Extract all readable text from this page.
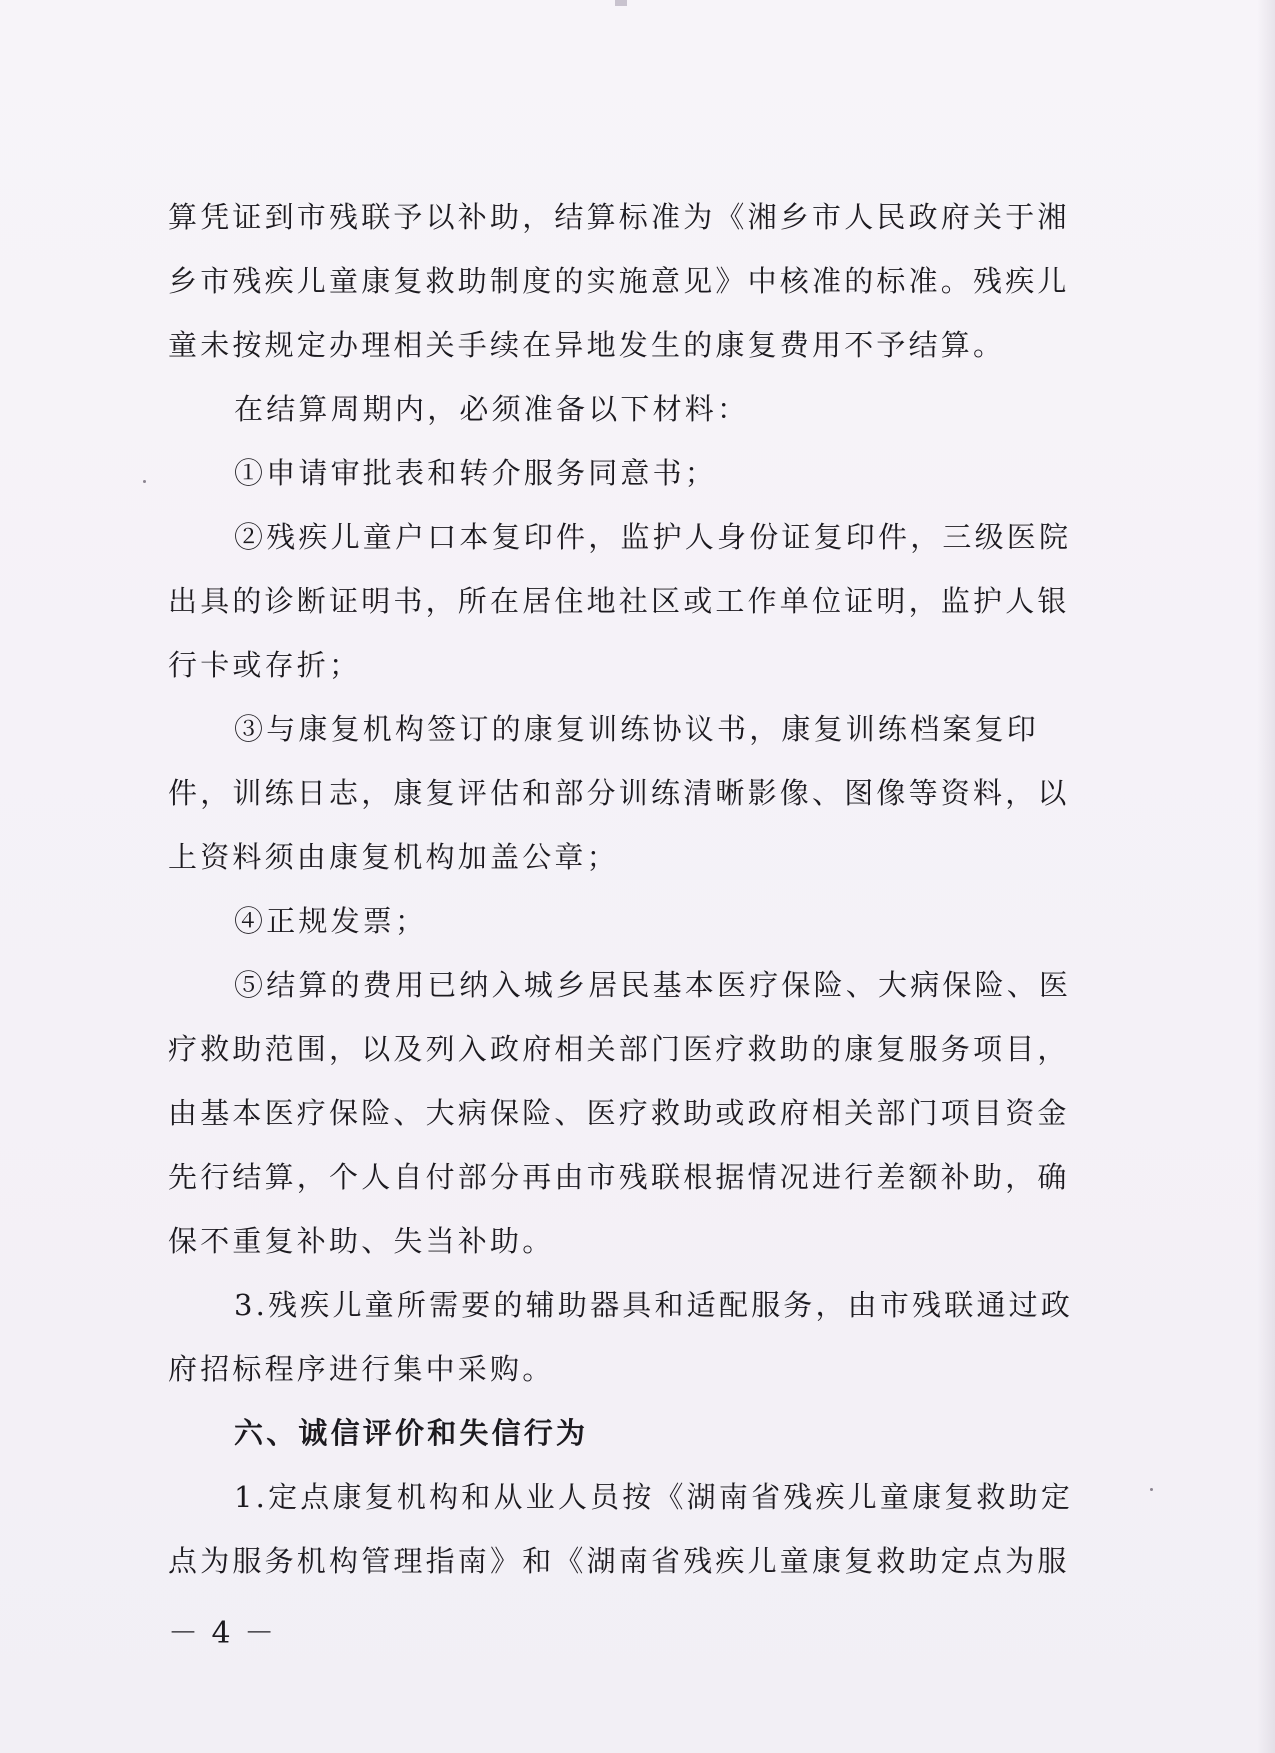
算凭证到市残联予以补助，结算标准为《湘乡市人民政府关于湘
乡市残疾儿童康复救助制度的实施意见》中核准的标准。残疾儿
童未按规定办理相关手续在异地发生的康复费用不予结算。
在结算周期内，必须准备以下材料：
①申请审批表和转介服务同意书；
②残疾儿童户口本复印件，监护人身份证复印件，三级医院
出具的诊断证明书，所在居住地社区或工作单位证明，监护人银
行卡或存折；
③与康复机构签订的康复训练协议书，康复训练档案复印
件，训练日志，康复评估和部分训练清晰影像、图像等资料，以
上资料须由康复机构加盖公章；
④正规发票；
⑤结算的费用已纳入城乡居民基本医疗保险、大病保险、医
疗救助范围，以及列入政府相关部门医疗救助的康复服务项目，
由基本医疗保险、大病保险、医疗救助或政府相关部门项目资金
先行结算，个人自付部分再由市残联根据情况进行差额补助，确
保不重复补助、失当补助。
3.残疾儿童所需要的辅助器具和适配服务，由市残联通过政
府招标程序进行集中采购。
六、诚信评价和失信行为
1.定点康复机构和从业人员按《湖南省残疾儿童康复救助定
点为服务机构管理指南》和《湖南省残疾儿童康复救助定点为服
－ 4 －
